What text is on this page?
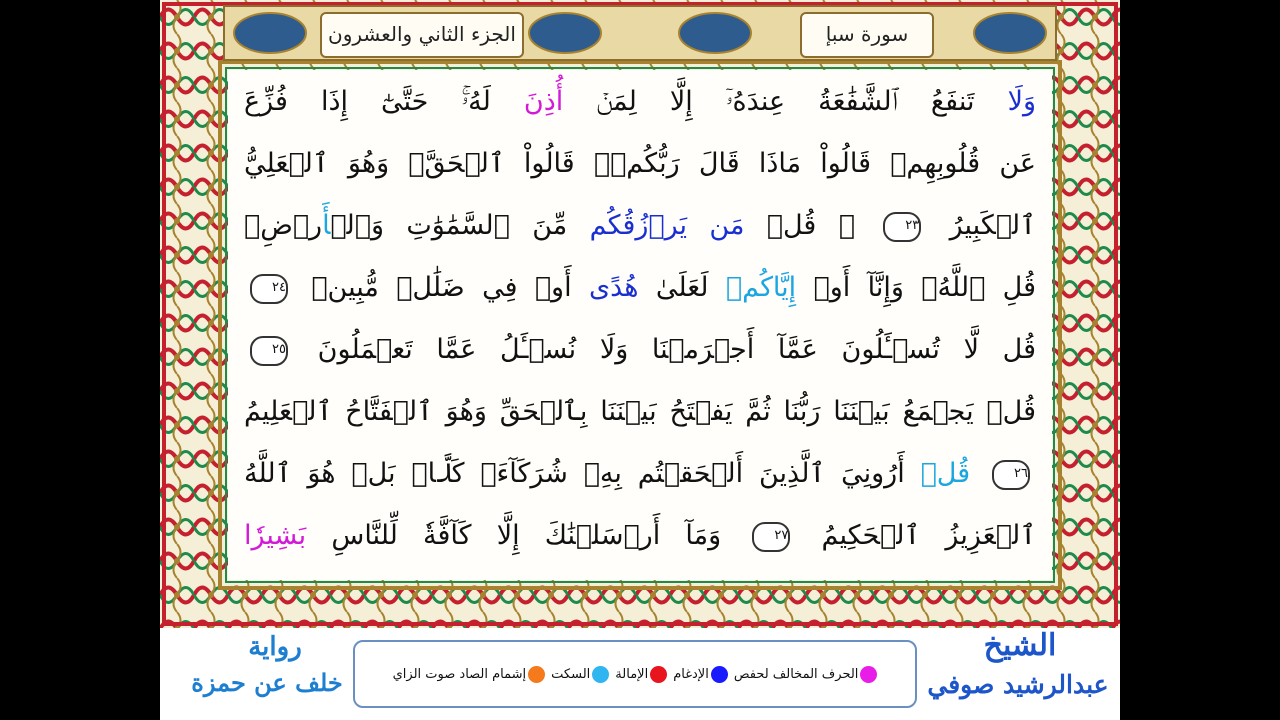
الجزء الثاني والعشرون	سورة سبإ
وَلَا تَنفَعُ ٱلشَّفَٰعَةُ عِندَهُۥٓ إِلَّا لِمَنۡ أُذِنَ لَهُۥۚ حَتَّىٰٓ إِذَا فُزِّعَ
عَن قُلُوبِهِمۡ قَالُواْ مَاذَا قَالَ رَبُّكُمۡۖ قَالُواْ ٱلۡحَقَّۖ وَهُوَ ٱلۡعَلِيُّ
ٱلۡكَبِيرُ ٢٣ ۞ قُلۡ مَن يَرۡزُقُكُم مِّنَ ٱلسَّمَٰوَٰتِ وَٱلۡأَرۡضِۖ
قُلِ ٱللَّهُۖ وَإِنَّآ أَوۡ إِيَّاكُمۡ لَعَلَىٰ هُدًى أَوۡ فِي ضَلَٰلٖ مُّبِينٖ ٢٤
قُل لَّا تُسۡـَٔلُونَ عَمَّآ أَجۡرَمۡنَا وَلَا نُسۡـَٔلُ عَمَّا تَعۡمَلُونَ ٢٥
قُلۡ يَجۡمَعُ بَيۡنَنَا رَبُّنَا ثُمَّ يَفۡتَحُ بَيۡنَنَا بِٱلۡحَقِّ وَهُوَ ٱلۡفَتَّاحُ ٱلۡعَلِيمُ
٢٦ قُلۡ أَرُونِيَ ٱلَّذِينَ أَلۡحَقۡتُم بِهِۦ شُرَكَآءَۖ كَلَّاۚ بَلۡ هُوَ ٱللَّهُ
ٱلۡعَزِيزُ ٱلۡحَكِيمُ ٢٧ وَمَآ أَرۡسَلۡنَٰكَ إِلَّا كَآفَّةٗ لِّلنَّاسِ بَشِيرٗا
رواية
خلف عن حمزة	الحرف المخالف لحفص
الإدغام
الإمالة
السكت
إشمام الصاد صوت الزاي
الشيخ
عبدالرشيد صوفي
